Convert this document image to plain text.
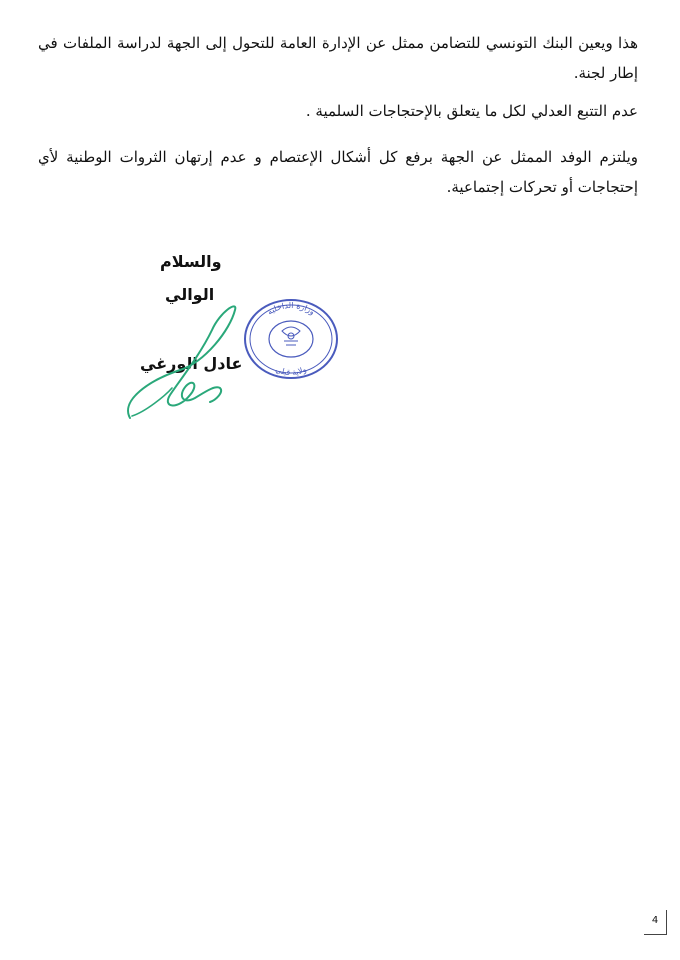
هذا ويعين البنك التونسي للتضامن ممثل عن الإدارة العامة للتحول إلى الجهة لدراسة الملفات في إطار لجنة.
عدم التتبع العدلي لكل ما يتعلق بالإحتجاجات السلمية .
ويلتزم الوفد الممثل عن الجهة برفع كل أشكال الإعتصام و عدم إرتهان الثروات الوطنية لأي إحتجاجات أو تحركات إجتماعية.
والسلام
الوالي
وزارة الداخلية
ولاية قبلي
عادل الورغي
4
